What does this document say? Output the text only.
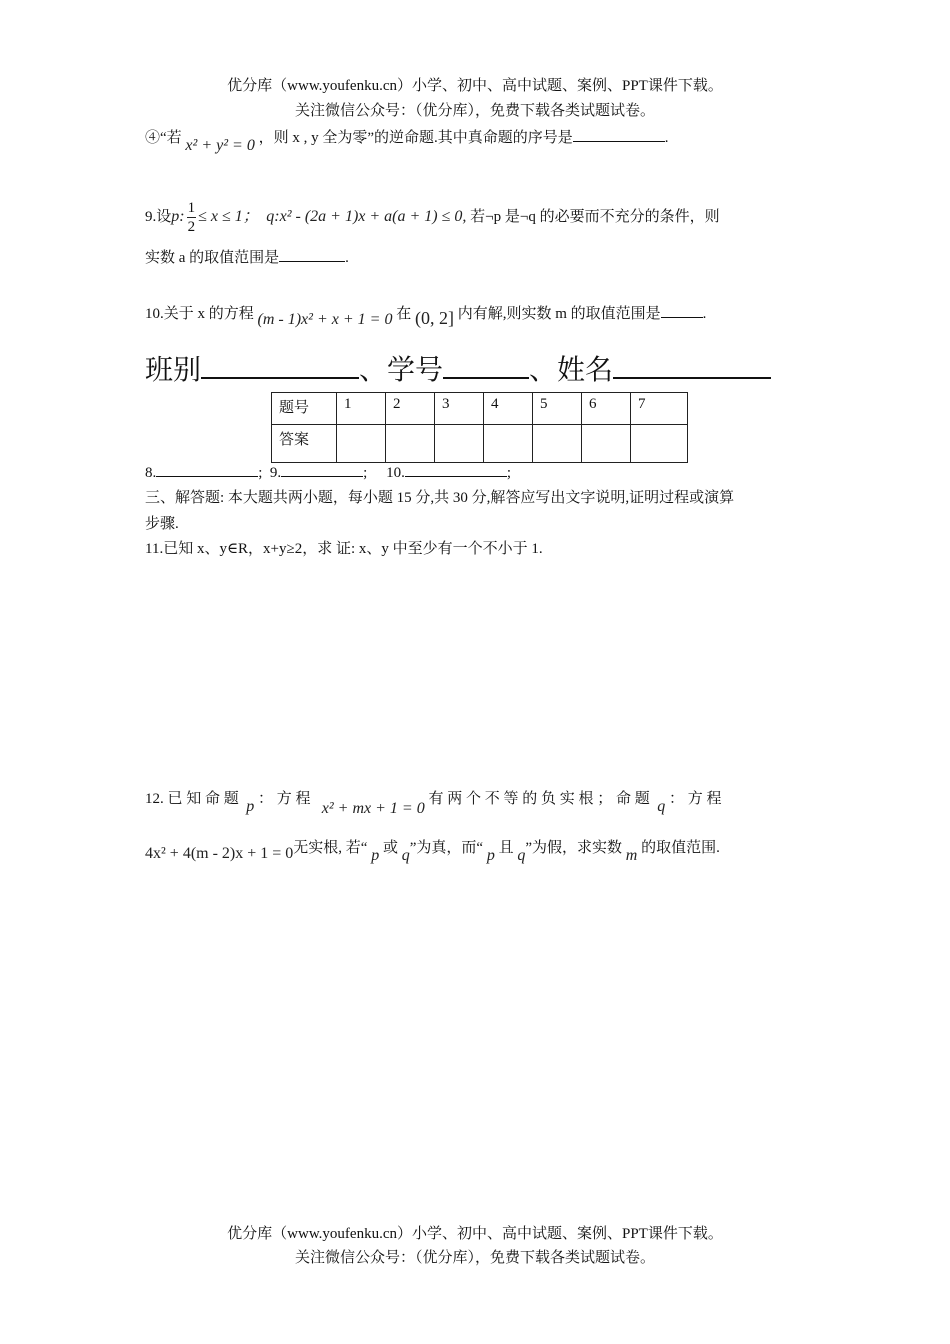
优分库（www.youfenku.cn）小学、初中、高中试题、案例、PPT课件下载。
关注微信公众号：（优分库），免费下载各类试题试卷。
④“若 x² + y² = 0 ，则 x , y 全为零”的逆命题.其中真命题的序号是	.
9.设p: $\frac{1}{2} \le x \le 1$； q:x² - (2a + 1)x + a(a + 1) ≤ 0, 若¬p 是¬q 的必要而不充分的条件，则
实数 a 的取值范围是	.
10.关于 x 的方程 (m - 1)x² + x + 1 = 0 在 (0, 2] 内有解,则实数 m 的取值范围是	.
班别	、学号	、姓名
题号	1	2	3	4	5	6	7
答案							
8.	; 9.	; 10.	;
三、解答题: 本大题共两小题，每小题 15 分,共 30 分,解答应写出文字说明,证明过程或演算
步骤.
11.已知 x、y∈R，x+y≥2，求 证: x、y 中至少有一个不小于 1.
12. 已 知 命 题 p ： 方 程   x² + mx + 1 = 0 有 两 个 不 等 的 负 实 根 ； 命 题 q ： 方 程
4x² + 4(m - 2)x + 1 = 0无实根, 若“ p 或 q”为真，而“ p 且 q”为假，求实数 m 的取值范围.
优分库（www.youfenku.cn）小学、初中、高中试题、案例、PPT课件下载。
关注微信公众号：（优分库），免费下载各类试题试卷。
